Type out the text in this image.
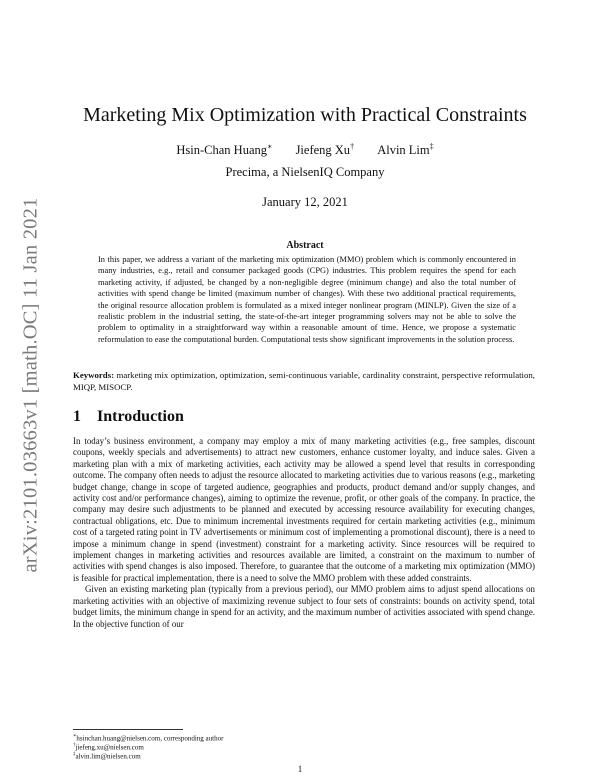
arXiv:2101.03663v1 [math.OC] 11 Jan 2021
Marketing Mix Optimization with Practical Constraints
Hsin-Chan Huang∗ Jiefeng Xu† Alvin Lim‡
Precima, a NielsenIQ Company
January 12, 2021
Abstract
In this paper, we address a variant of the marketing mix optimization (MMO) problem which is commonly encountered in many industries, e.g., retail and consumer packaged goods (CPG) industries. This problem requires the spend for each marketing activity, if adjusted, be changed by a non-negligible degree (minimum change) and also the total number of activities with spend change be limited (maximum number of changes). With these two additional practical requirements, the original resource allocation problem is formulated as a mixed integer nonlinear program (MINLP). Given the size of a realistic problem in the industrial setting, the state-of-the-art integer programming solvers may not be able to solve the problem to optimality in a straightforward way within a reasonable amount of time. Hence, we propose a systematic reformulation to ease the computational burden. Computational tests show significant improvements in the solution process.
Keywords: marketing mix optimization, optimization, semi-continuous variable, cardinality constraint, perspective reformulation, MIQP, MISOCP.
1 Introduction

In today’s business environment, a company may employ a mix of many marketing activities (e.g., free samples, discount coupons, weekly specials and advertisements) to attract new customers, enhance customer loyalty, and induce sales. Given a marketing plan with a mix of marketing activities, each activity may be allowed a spend level that results in corresponding outcome. The company often needs to adjust the resource allocated to marketing activities due to various reasons (e.g., marketing budget change, change in scope of targeted audience, geographies and products, product demand and/or supply changes, and activity cost and/or performance changes), aiming to optimize the revenue, profit, or other goals of the company. In practice, the company may desire such adjustments to be planned and executed by accessing resource availability for executing changes, contractual obligations, etc. Due to minimum incremental investments required for certain marketing activities (e.g., minimum cost of a targeted rating point in TV advertisements or minimum cost of implementing a promotional discount), there is a need to impose a minimum change in spend (investment) constraint for a marketing activity. Since resources will be required to implement changes in marketing activities and resources available are limited, a constraint on the maximum to number of activities with spend changes is also imposed. Therefore, to guarantee that the outcome of a marketing mix optimization (MMO) is feasible for practical implementation, there is a need to solve the MMO problem with these added constraints.

Given an existing marketing plan (typically from a previous period), our MMO problem aims to adjust spend allocations on marketing activities with an objective of maximizing revenue subject to four sets of constraints: bounds on activity spend, total budget limits, the minimum change in spend for an activity, and the maximum number of activities associated with spend change. In the objective function of our

∗hsinchan.huang@nielsen.com, corresponding author
†jiefeng.xu@nielsen.com
‡alvin.lim@nielsen.com
1
